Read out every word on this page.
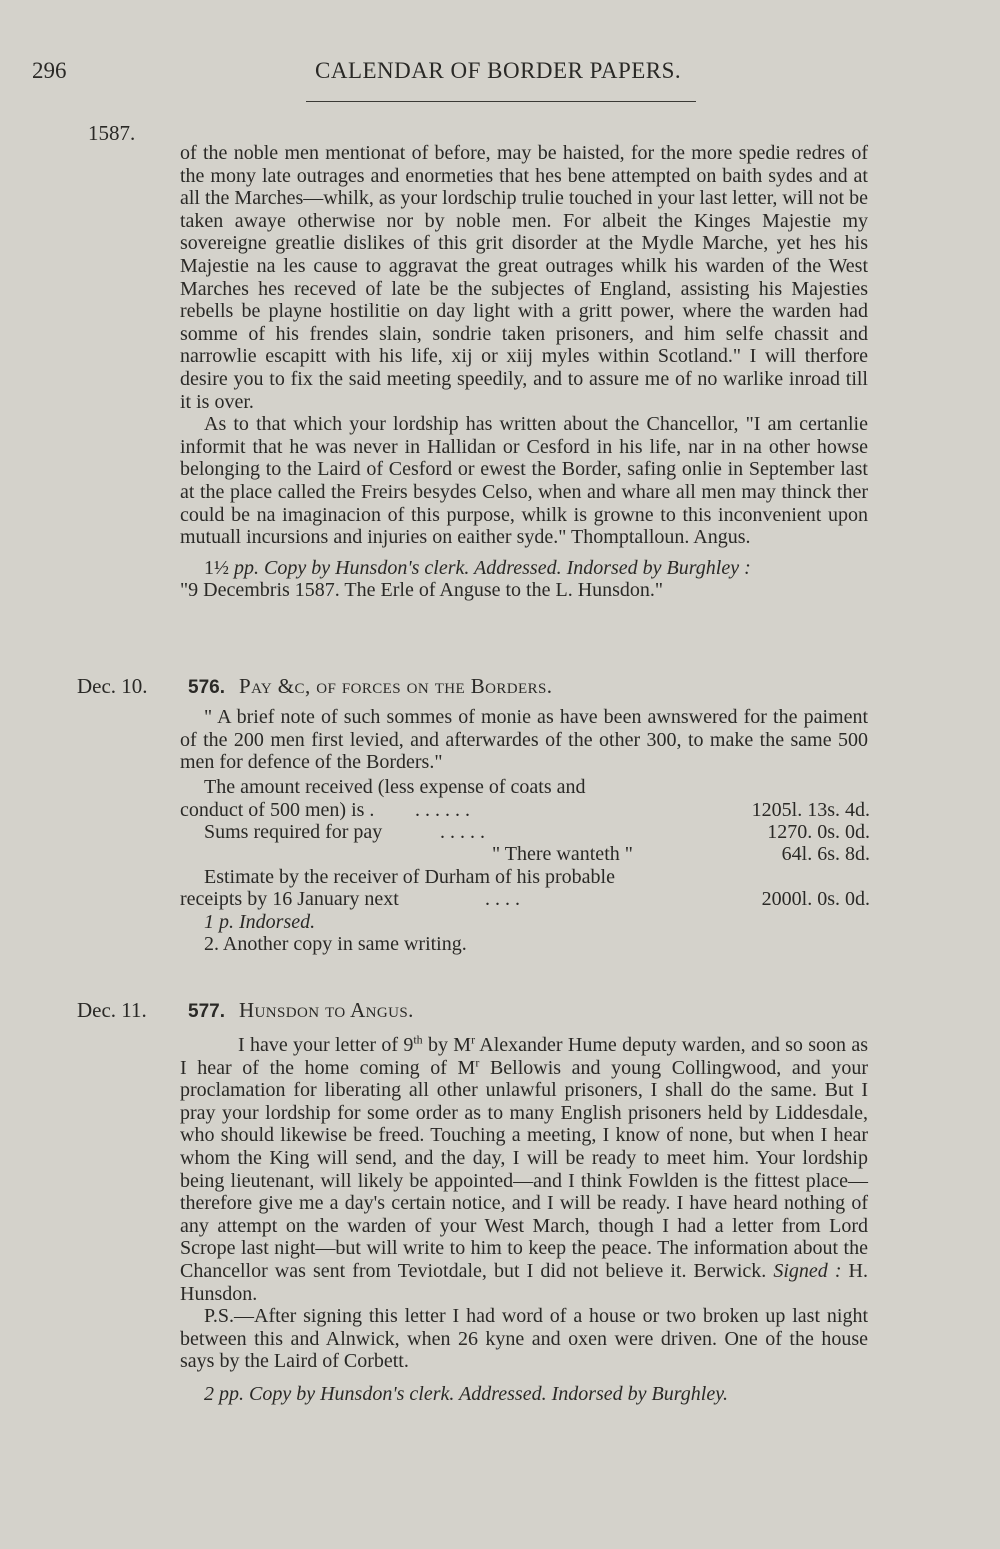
296	CALENDAR OF BORDER PAPERS.
1587.

of the noble men mentionat of before, may be haisted, for the more spedie redres of the mony late outrages and enormeties that hes bene attempted on baith sydes and at all the Marches—whilk, as your lordschip trulie touched in your last letter, will not be taken awaye otherwise nor by noble men. For albeit the Kinges Majestie my sovereigne greatlie dislikes of this grit disorder at the Mydle Marche, yet hes his Majestie na les cause to aggravat the great outrages whilk his warden of the West Marches hes receved of late be the subjectes of England, assisting his Majesties rebells be playne hostilitie on day light with a gritt power, where the warden had somme of his frendes slain, sondrie taken prisoners, and him selfe chassit and narrowlie escapitt with his life, xij or xiij myles within Scotland." I will therfore desire you to fix the said meeting speedily, and to assure me of no warlike inroad till it is over.

As to that which your lordship has written about the Chancellor, "I am certanlie informit that he was never in Hallidan or Cesford in his life, nar in na other howse belonging to the Laird of Cesford or ewest the Border, safing onlie in September last at the place called the Freirs besydes Celso, when and whare all men may thinck ther could be na imaginacion of this purpose, whilk is growne to this inconvenient upon mutuall incursions and injuries on eaither syde." Thomptalloun. Angus.

1½ pp. Copy by Hunsdon's clerk. Addressed. Indorsed by Burghley :

"9 Decembris 1587. The Erle of Anguse to the L. Hunsdon."

Dec. 10. 576. Pay &c, of forces on the Borders.
" A brief note of such sommes of monie as have been awnswered for the paiment of the 200 men first levied, and afterwardes of the other 300, to make the same 500 men for defence of the Borders."
The amount received (less expense of coats and
conduct of 500 men) is . . . . . . .	1205l. 13s. 4d.
Sums required for pay	. . . . .	1270. 0s. 0d.
" There wanteth "	64l. 6s. 8d.
Estimate by the receiver of Durham of his probable
receipts by 16 January next	. . . .	2000l. 0s. 0d.
1 p. Indorsed.
2. Another copy in same writing.
Dec. 11. 577. Hunsdon to Angus.

I have your letter of 9th by $M^r$ Alexander Hume deputy warden, and so soon as I hear of the home coming of $M^r$ Bellowis and young Collingwood, and your proclamation for liberating all other unlawful prisoners, I shall do the same. But I pray your lordship for some order as to many English prisoners held by Liddesdale, who should likewise be freed. Touching a meeting, I know of none, but when I hear whom the King will send, and the day, I will be ready to meet him. Your lordship being lieutenant, will likely be appointed—and I think Fowlden is the fittest place—therefore give me a day's certain notice, and I will be ready. I have heard nothing of any attempt on the warden of your West March, though I had a letter from Lord Scrope last night—but will write to him to keep the peace. The information about the Chancellor was sent from Teviotdale, but I did not believe it. Berwick. Signed : H. Hunsdon.

P.S.—After signing this letter I had word of a house or two broken up last night between this and Alnwick, when 26 kyne and oxen were driven. One of the house says by the Laird of Corbett.

2 pp. Copy by Hunsdon's clerk. Addressed. Indorsed by Burghley.
